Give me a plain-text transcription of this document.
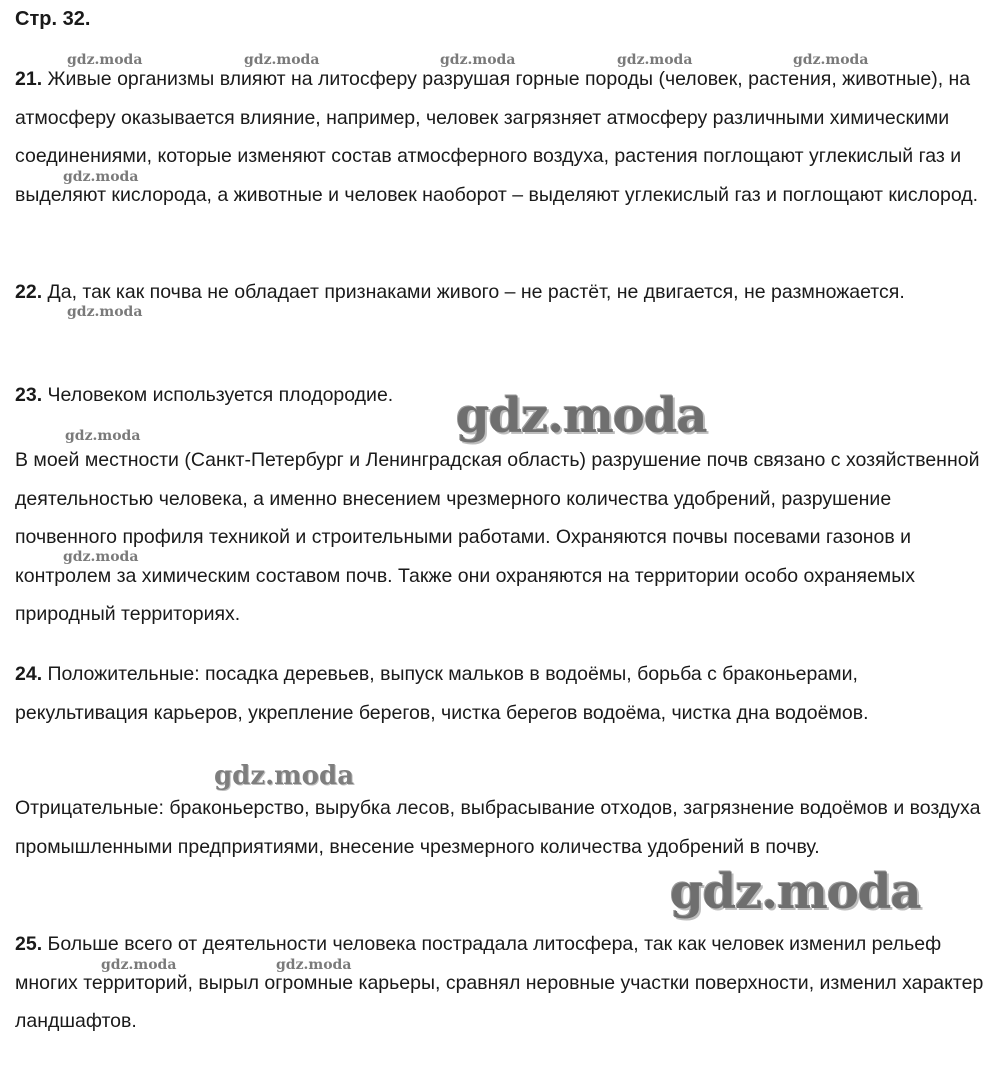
Стр. 32.

21. Живые организмы влияют на литосферу разрушая горные породы (человек, растения, животные), на атмосферу оказывается влияние, например, человек загрязняет атмосферу различными химическими соединениями, которые изменяют состав атмосферного воздуха, растения поглощают углекислый газ и выделяют кислорода, а животные и человек наоборот – выделяют углекислый газ и поглощают кислород.

22. Да, так как почва не обладает признаками живого – не растёт, не двигается, не размножается.

23. Человеком используется плодородие.

В моей местности (Санкт-Петербург и Ленинградская область) разрушение почв связано с хозяйственной деятельностью человека, а именно внесением чрезмерного количества удобрений, разрушение почвенного профиля техникой и строительными работами. Охраняются почвы посевами газонов и контролем за химическим составом почв. Также они охраняются на территории особо охраняемых природный территориях.

24. Положительные: посадка деревьев, выпуск мальков в водоёмы, борьба с браконьерами, рекультивация карьеров, укрепление берегов, чистка берегов водоёма, чистка дна водоёмов.

Отрицательные: браконьерство, вырубка лесов, выбрасывание отходов, загрязнение водоёмов и воздуха промышленными предприятиями, внесение чрезмерного количества удобрений в почву.

25. Больше всего от деятельности человека пострадала литосфера, так как человек изменил рельеф многих территорий, вырыл огромные карьеры, сравнял неровные участки поверхности, изменил характер ландшафтов.

gdz.moda	gdz.moda	gdz.moda	gdz.moda	gdz.moda
gdz.moda
gdz.moda
gdz.moda
gdz.moda
gdz.moda
gdz.moda
gdz.moda
gdz.moda	gdz.moda
